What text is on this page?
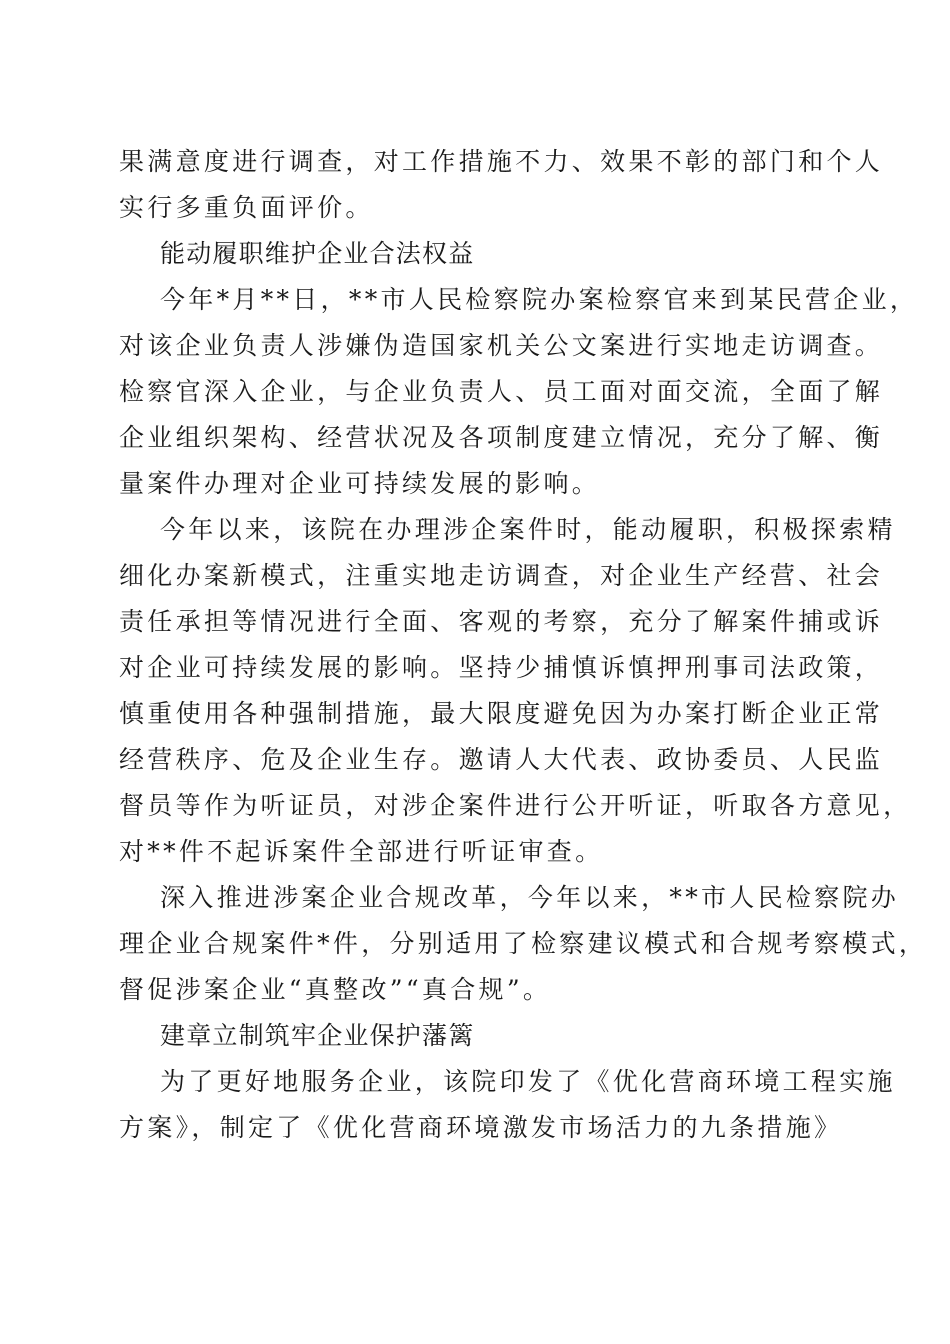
果满意度进行调查，对工作措施不力、效果不彰的部门和个人
实行多重负面评价。
能动履职维护企业合法权益
今年*月**日，**市人民检察院办案检察官来到某民营企业，
对该企业负责人涉嫌伪造国家机关公文案进行实地走访调查。
检察官深入企业，与企业负责人、员工面对面交流，全面了解
企业组织架构、经营状况及各项制度建立情况，充分了解、衡
量案件办理对企业可持续发展的影响。
今年以来，该院在办理涉企案件时，能动履职，积极探索精
细化办案新模式，注重实地走访调查，对企业生产经营、社会
责任承担等情况进行全面、客观的考察，充分了解案件捕或诉
对企业可持续发展的影响。坚持少捕慎诉慎押刑事司法政策，
慎重使用各种强制措施，最大限度避免因为办案打断企业正常
经营秩序、危及企业生存。邀请人大代表、政协委员、人民监
督员等作为听证员，对涉企案件进行公开听证，听取各方意见，
对**件不起诉案件全部进行听证审查。
深入推进涉案企业合规改革，今年以来，**市人民检察院办
理企业合规案件*件，分别适用了检察建议模式和合规考察模式，
督促涉案企业“真整改”“真合规”。
建章立制筑牢企业保护藩篱
为了更好地服务企业，该院印发了《优化营商环境工程实施
方案》，制定了《优化营商环境激发市场活力的九条措施》
